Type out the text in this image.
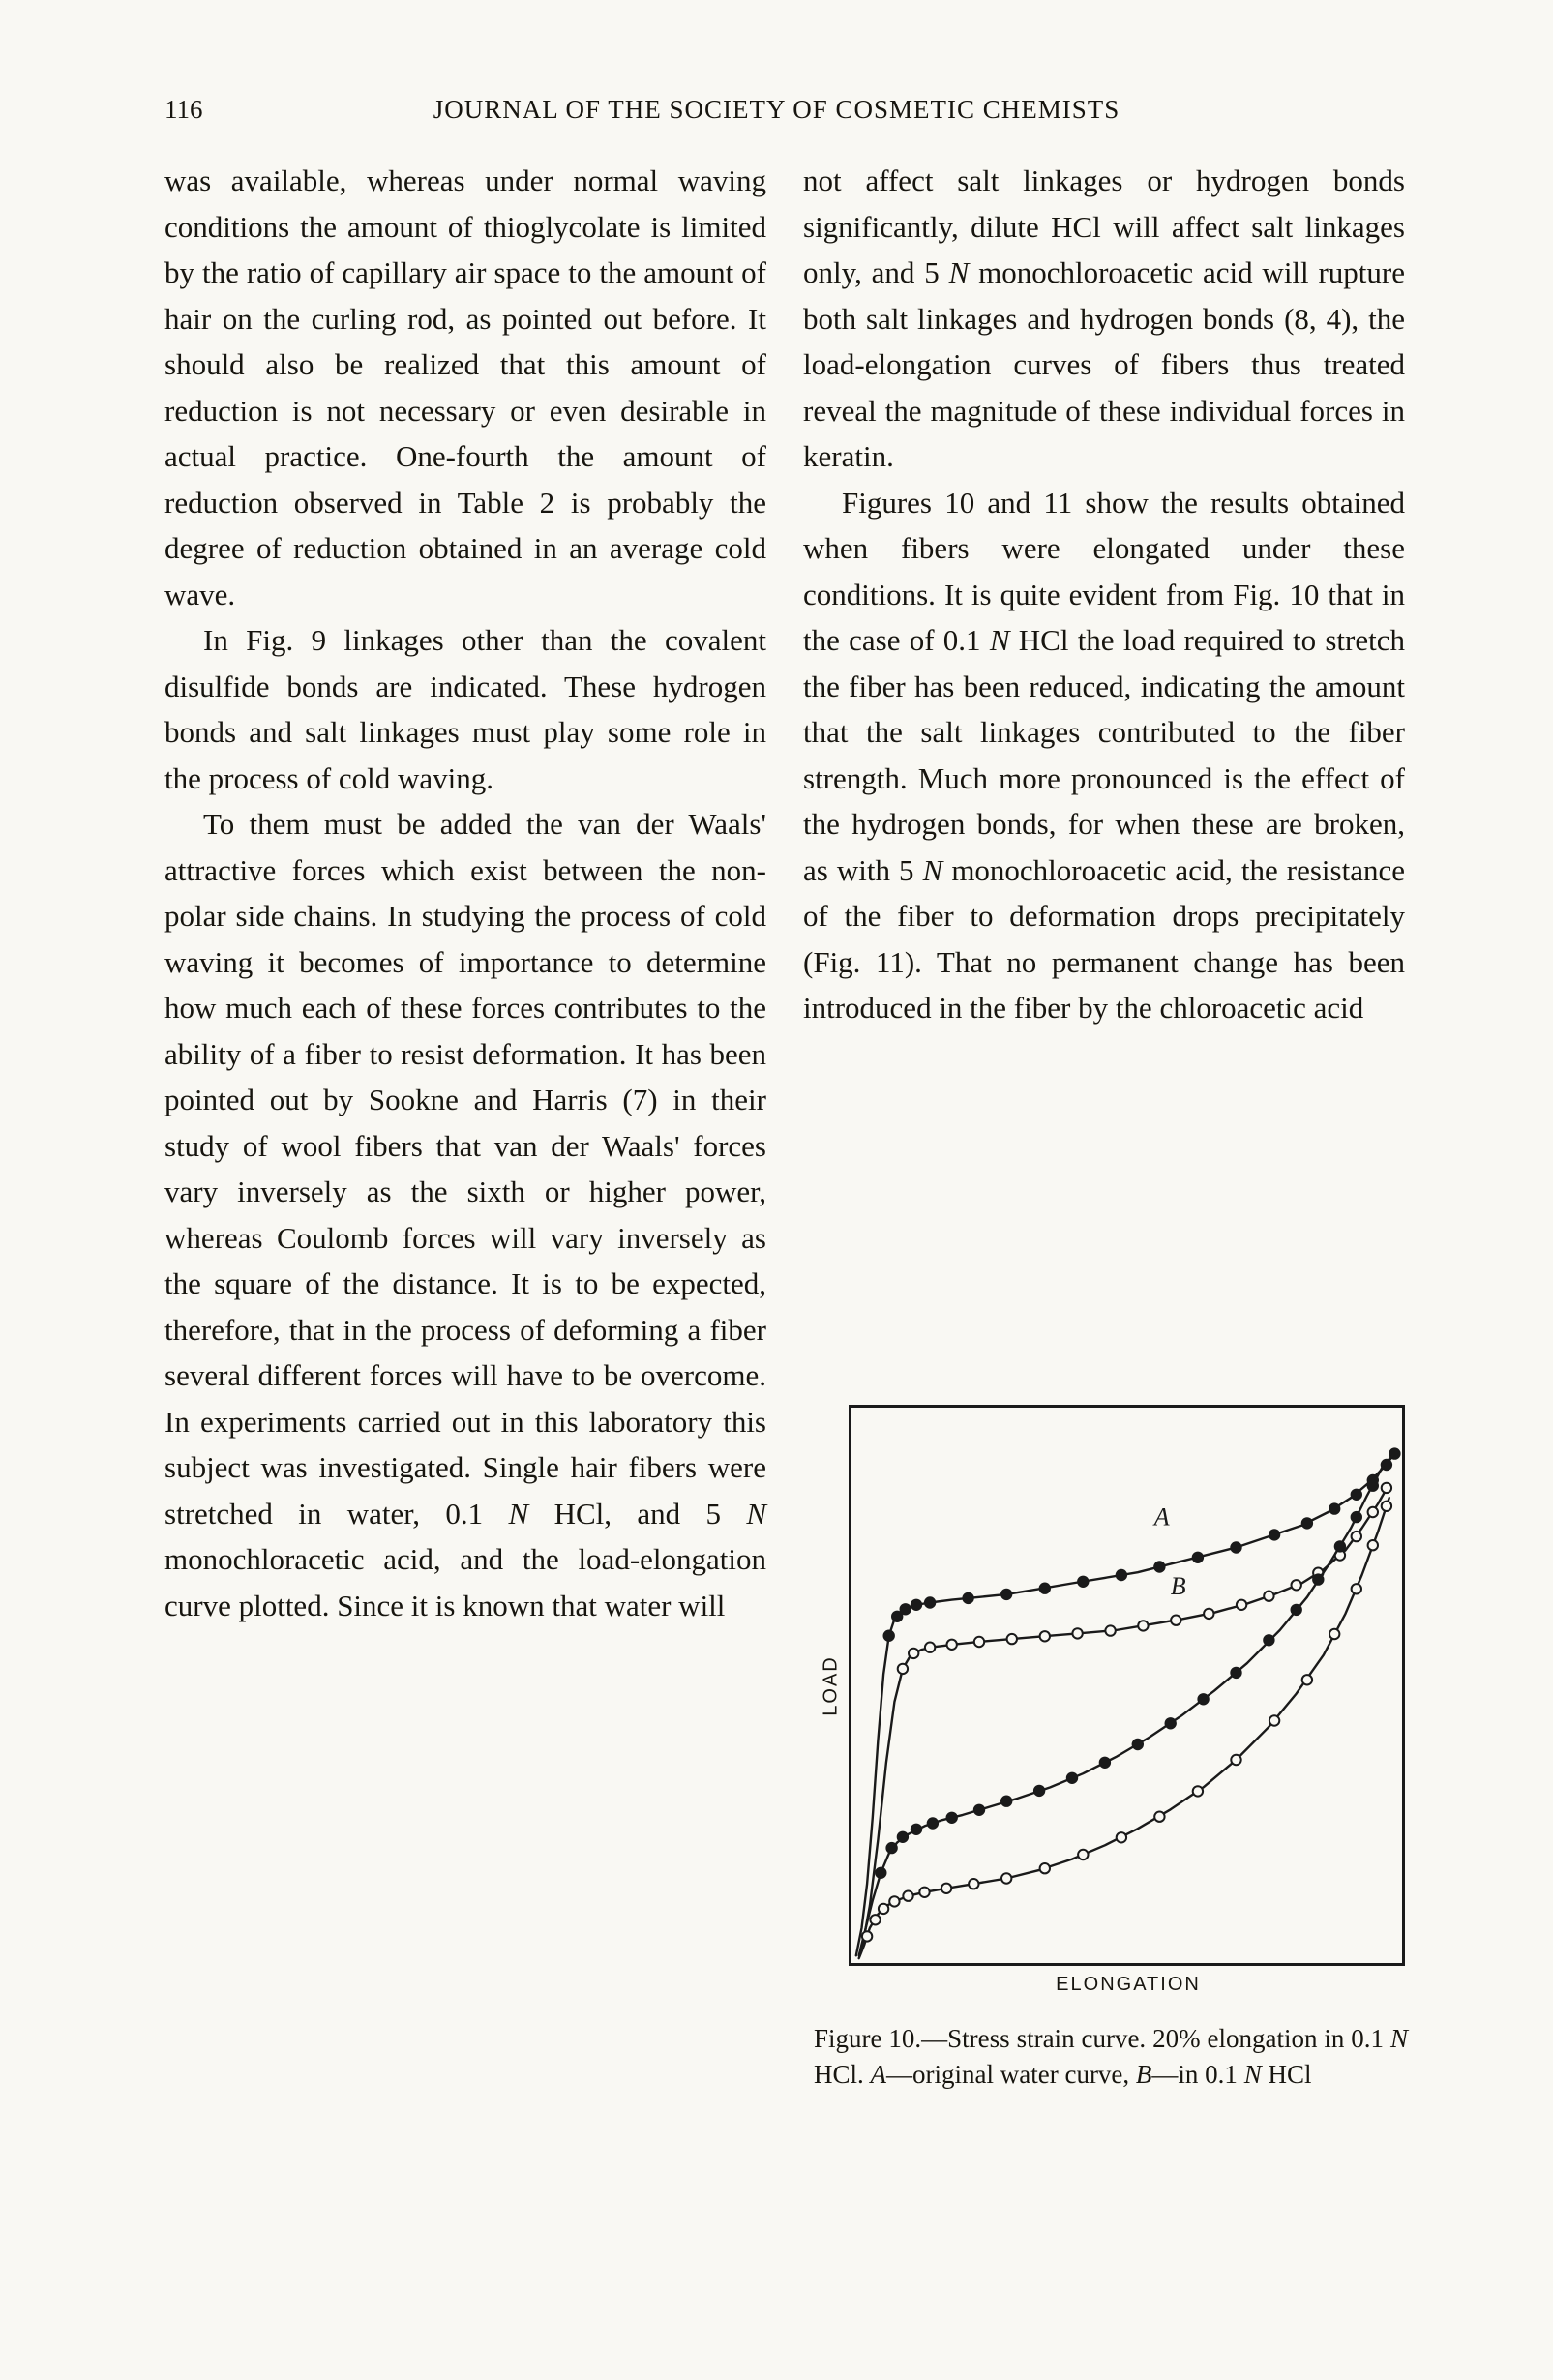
116	JOURNAL OF THE SOCIETY OF COSMETIC CHEMISTS

was available, whereas under normal waving conditions the amount of thioglycolate is limited by the ratio of capillary air space to the amount of hair on the curling rod, as pointed out before. It should also be realized that this amount of reduction is not necessary or even desirable in actual practice. One-fourth the amount of reduction observed in Table 2 is probably the degree of reduction obtained in an average cold wave.

In Fig. 9 linkages other than the covalent disulfide bonds are indicated. These hydrogen bonds and salt linkages must play some role in the process of cold waving.

To them must be added the van der Waals' attractive forces which exist between the non-polar side chains. In studying the process of cold waving it becomes of importance to determine how much each of these forces contributes to the ability of a fiber to resist deformation. It has been pointed out by Sookne and Harris (7) in their study of wool fibers that van der Waals' forces vary inversely as the sixth or higher power, whereas Coulomb forces will vary inversely as the square of the distance. It is to be expected, therefore, that in the process of deforming a fiber several different forces will have to be overcome. In experiments carried out in this laboratory this subject was investigated. Single hair fibers were stretched in water, 0.1 N HCl, and 5 N monochloracetic acid, and the load-elongation curve plotted. Since it is known that water will

not affect salt linkages or hydrogen bonds significantly, dilute HCl will affect salt linkages only, and 5 N monochloroacetic acid will rupture both salt linkages and hydrogen bonds (8, 4), the load-elongation curves of fibers thus treated reveal the magnitude of these individual forces in keratin.

Figures 10 and 11 show the results obtained when fibers were elongated under these conditions. It is quite evident from Fig. 10 that in the case of 0.1 N HCl the load required to stretch the fiber has been reduced, indicating the amount that the salt linkages contributed to the fiber strength. Much more pronounced is the effect of the hydrogen bonds, for when these are broken, as with 5 N monochloroacetic acid, the resistance of the fiber to deformation drops precipitately (Fig. 11). That no permanent change has been introduced in the fiber by the chloroacetic acid

LOAD
A
B
ELONGATION
Figure 10.—Stress strain curve. 20% elongation in 0.1 N HCl. A—original water curve, B—in 0.1 N HCl
